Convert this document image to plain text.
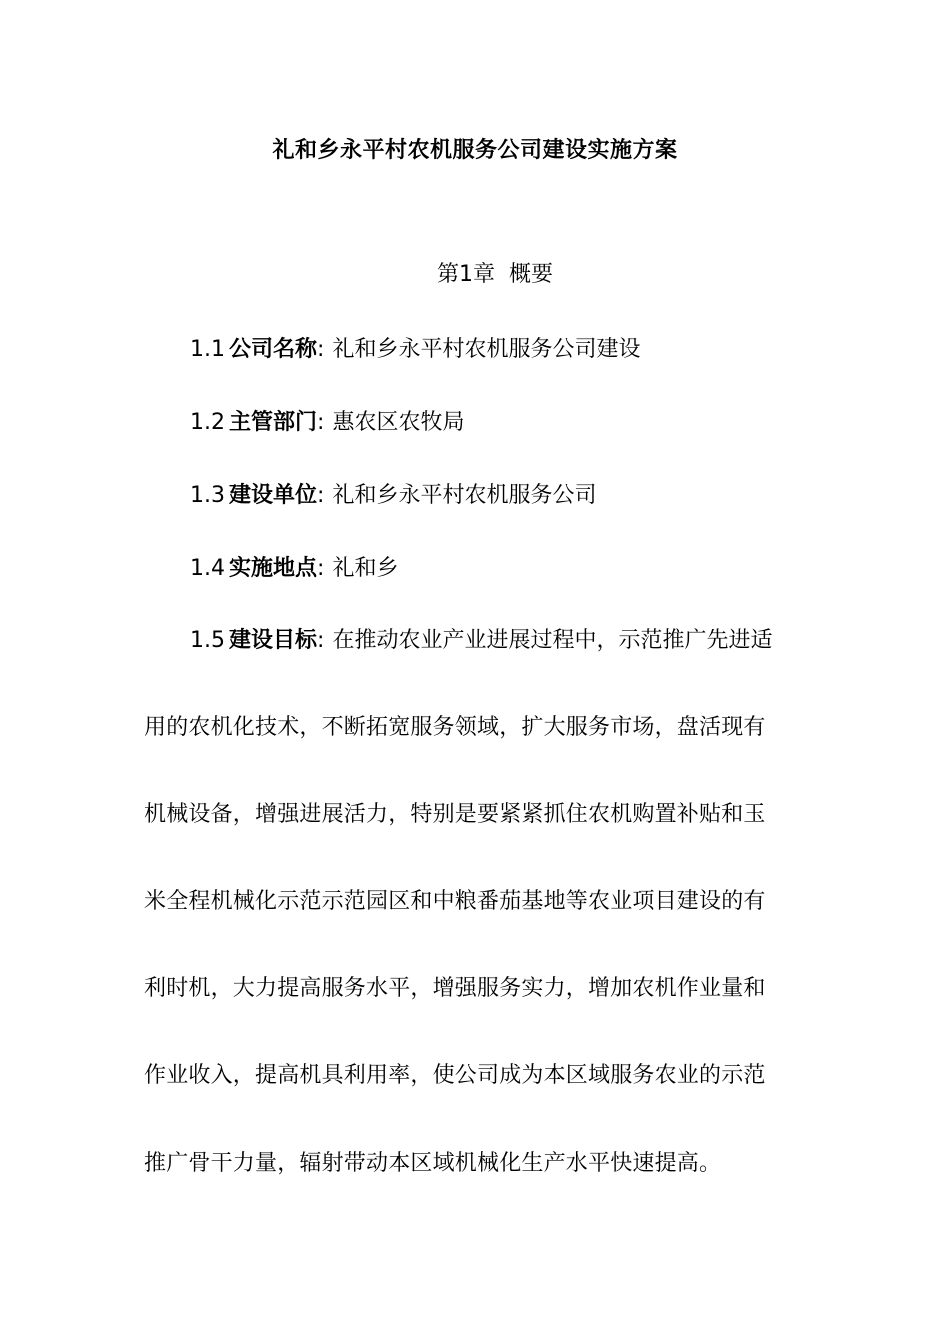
礼和乡永平村农机服务公司建设实施方案
第1章 概要
1.1 公司名称: 礼和乡永平村农机服务公司建设
1.2 主管部门: 惠农区农牧局
1.3 建设单位: 礼和乡永平村农机服务公司
1.4 实施地点: 礼和乡
1.5 建设目标: 在推动农业产业进展过程中，示范推广先进适
用的农机化技术，不断拓宽服务领域，扩大服务市场，盘活现有
机械设备，增强进展活力，特别是要紧紧抓住农机购置补贴和玉
米全程机械化示范示范园区和中粮番茄基地等农业项目建设的有
利时机，大力提高服务水平，增强服务实力，增加农机作业量和
作业收入，提高机具利用率，使公司成为本区域服务农业的示范
推广骨干力量，辐射带动本区域机械化生产水平快速提高。
